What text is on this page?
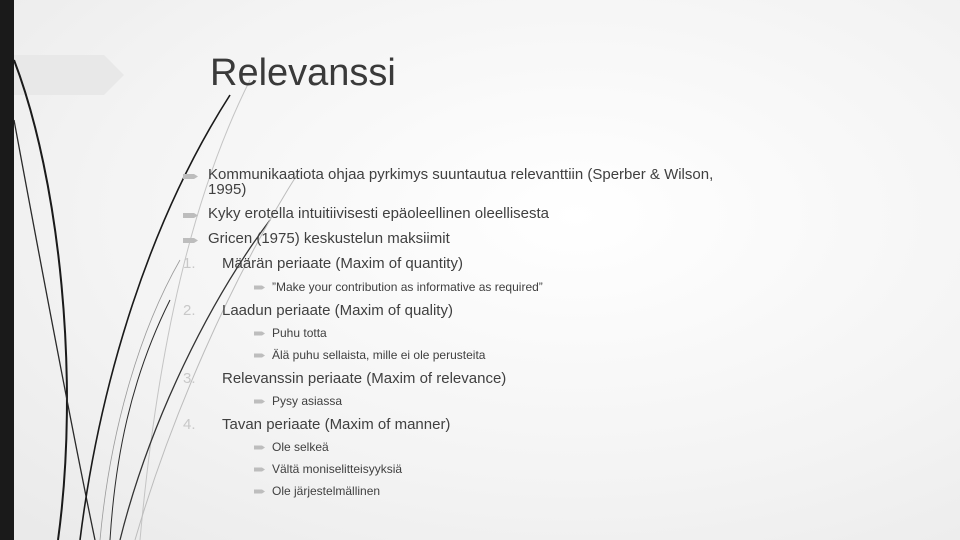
Relevanssi
Kommunikaatiota ohjaa pyrkimys suuntautua relevanttiin (Sperber & Wilson,
1995)
Kyky erotella intuitiivisesti epäoleellinen oleellisesta
Gricen (1975) keskustelun maksiimit
1. Määrän periaate (Maxim of quantity)
”Make your contribution as informative as required”
2. Laadun periaate (Maxim of quality)
Puhu totta
Älä puhu sellaista, mille ei ole perusteita
3. Relevanssin periaate (Maxim of relevance)
Pysy asiassa
4. Tavan periaate (Maxim of manner)
Ole selkeä
Vältä moniselitteisyyksiä
Ole järjestelmällinen
